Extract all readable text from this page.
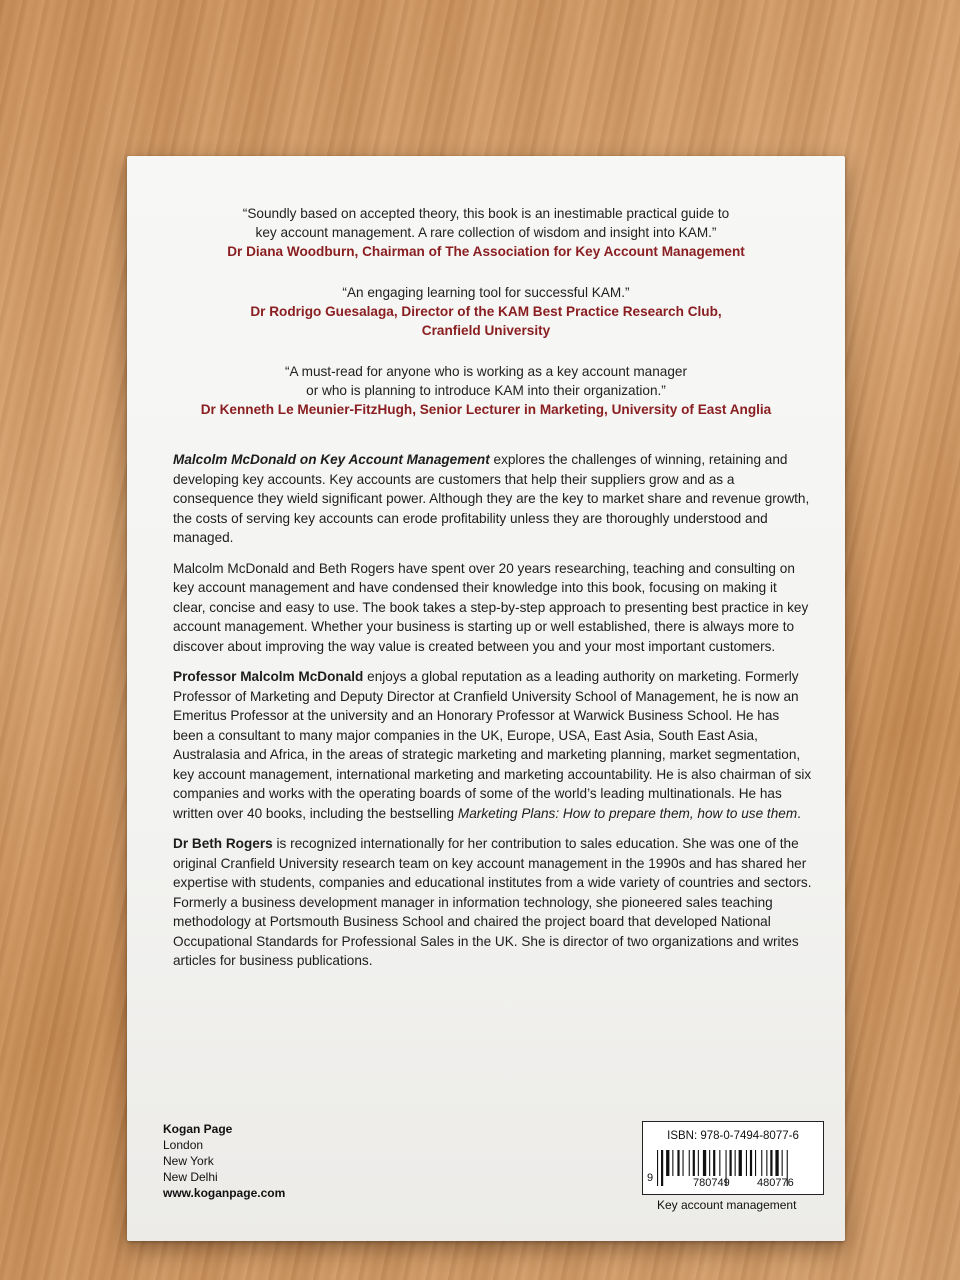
“Soundly based on accepted theory, this book is an inestimable practical guide to
key account management. A rare collection of wisdom and insight into KAM.”
Dr Diana Woodburn, Chairman of The Association for Key Account Management
“An engaging learning tool for successful KAM.”
Dr Rodrigo Guesalaga, Director of the KAM Best Practice Research Club,
Cranfield University
“A must-read for anyone who is working as a key account manager
or who is planning to introduce KAM into their organization.”
Dr Kenneth Le Meunier-FitzHugh, Senior Lecturer in Marketing, University of East Anglia

Malcolm McDonald on Key Account Management explores the challenges of winning, retaining and developing key accounts. Key accounts are customers that help their suppliers grow and as a consequence they wield significant power. Although they are the key to market share and revenue growth, the costs of serving key accounts can erode profitability unless they are thoroughly understood and managed.

Malcolm McDonald and Beth Rogers have spent over 20 years researching, teaching and consulting on key account management and have condensed their knowledge into this book, focusing on making it clear, concise and easy to use. The book takes a step-by-step approach to presenting best practice in key account management. Whether your business is starting up or well established, there is always more to discover about improving the way value is created between you and your most important customers.

Professor Malcolm McDonald enjoys a global reputation as a leading authority on marketing. Formerly Professor of Marketing and Deputy Director at Cranfield University School of Management, he is now an Emeritus Professor at the university and an Honorary Professor at Warwick Business School. He has been a consultant to many major companies in the UK, Europe, USA, East Asia, South East Asia, Australasia and Africa, in the areas of strategic marketing and marketing planning, market segmentation, key account management, international marketing and marketing accountability. He is also chairman of six companies and works with the operating boards of some of the world’s leading multinationals. He has written over 40 books, including the bestselling Marketing Plans: How to prepare them, how to use them.

Dr Beth Rogers is recognized internationally for her contribution to sales education. She was one of the original Cranfield University research team on key account management in the 1990s and has shared her expertise with students, companies and educational institutes from a wide variety of countries and sectors. Formerly a business development manager in information technology, she pioneered sales teaching methodology at Portsmouth Business School and chaired the project board that developed National Occupational Standards for Professional Sales in the UK. She is director of two organizations and writes articles for business publications.

Kogan Page
London
New York
New Delhi
www.koganpage.com
ISBN: 978-0-7494-8077-6
780749 480776
9
Key account management
